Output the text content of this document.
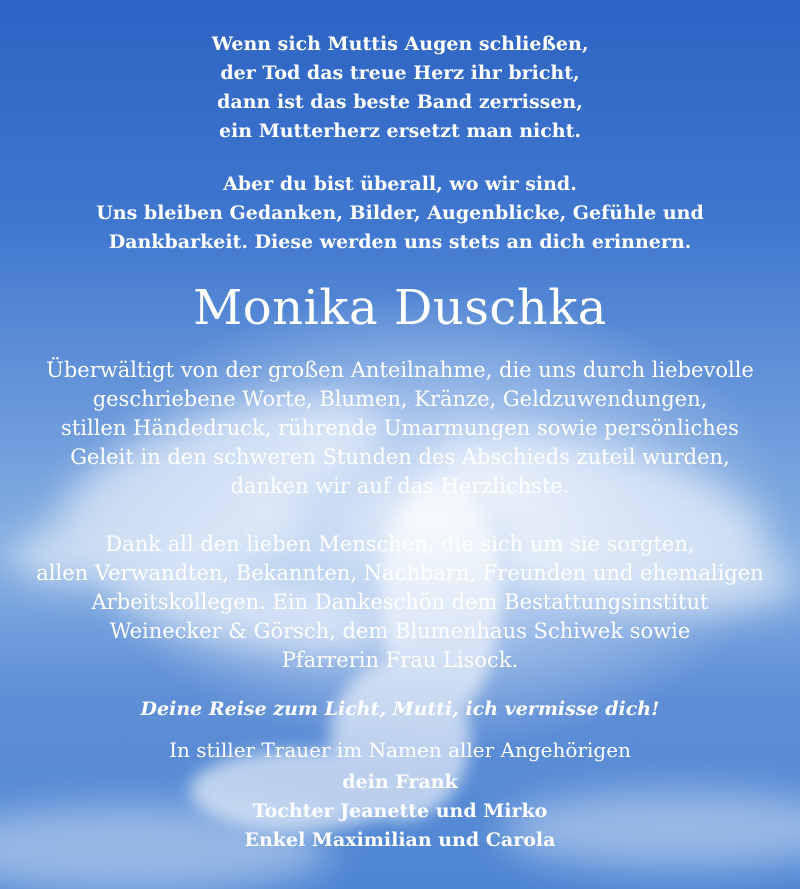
Wenn sich Muttis Augen schließen,
der Tod das treue Herz ihr bricht,
dann ist das beste Band zerrissen,
ein Mutterherz ersetzt man nicht.
Aber du bist überall, wo wir sind.
Uns bleiben Gedanken, Bilder, Augenblicke, Gefühle und
Dankbarkeit. Diese werden uns stets an dich erinnern.
Monika Duschka
Überwältigt von der großen Anteilnahme, die uns durch liebevolle
geschriebene Worte, Blumen, Kränze, Geldzuwendungen,
stillen Händedruck, rührende Umarmungen sowie persönliches
Geleit in den schweren Stunden des Abschieds zuteil wurden,
danken wir auf das Herzlichste.
Dank all den lieben Menschen, die sich um sie sorgten,
allen Verwandten, Bekannten, Nachbarn, Freunden und ehemaligen
Arbeitskollegen. Ein Dankeschön dem Bestattungsinstitut
Weinecker & Görsch, dem Blumenhaus Schiwek sowie
Pfarrerin Frau Lisock.
Deine Reise zum Licht, Mutti, ich vermisse dich!
In stiller Trauer im Namen aller Angehörigen
dein Frank
Tochter Jeanette und Mirko
Enkel Maximilian und Carola
